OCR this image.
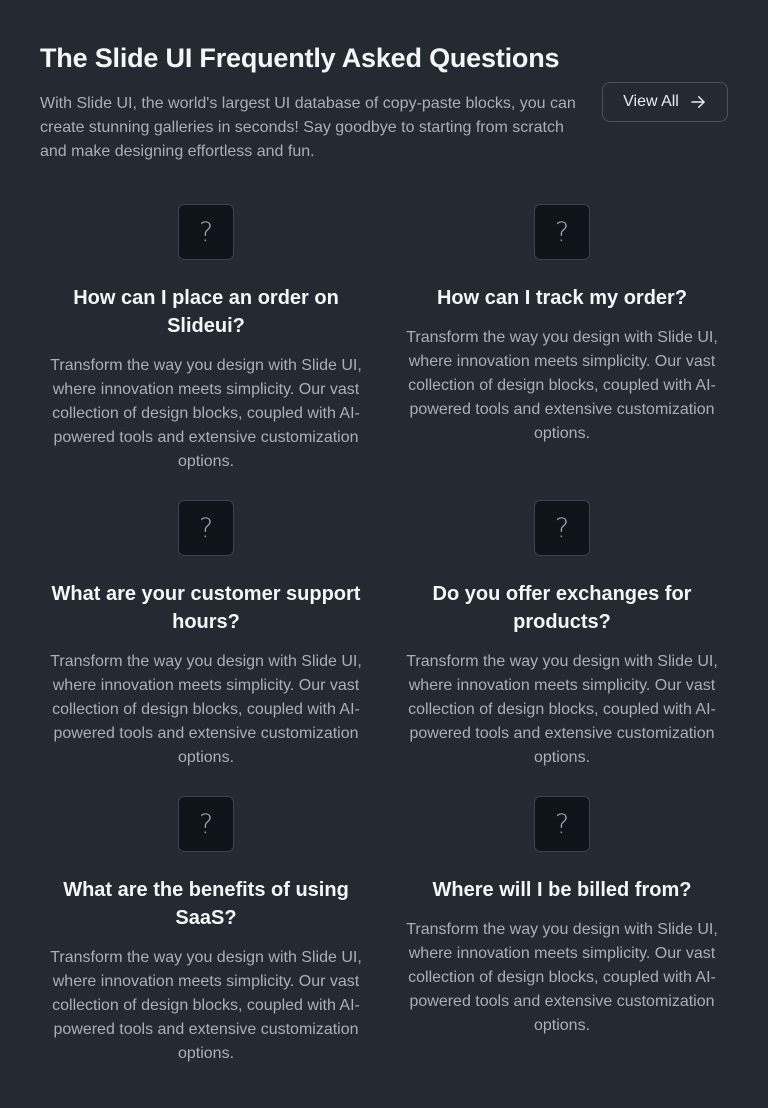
The Slide UI Frequently Asked Questions

With Slide UI, the world's largest UI database of copy-paste blocks, you can create stunning galleries in seconds! Say goodbye to starting from scratch and make designing effortless and fun.

View All
?
How can I place an order on Slideui?

Transform the way you design with Slide UI, where innovation meets simplicity. Our vast collection of design blocks, coupled with AI-powered tools and extensive customization options.

?
How can I track my order?

Transform the way you design with Slide UI, where innovation meets simplicity. Our vast collection of design blocks, coupled with AI-powered tools and extensive customization options.

?
What are your customer support hours?

Transform the way you design with Slide UI, where innovation meets simplicity. Our vast collection of design blocks, coupled with AI-powered tools and extensive customization options.

?
Do you offer exchanges for products?

Transform the way you design with Slide UI, where innovation meets simplicity. Our vast collection of design blocks, coupled with AI-powered tools and extensive customization options.

?
What are the benefits of using SaaS?

Transform the way you design with Slide UI, where innovation meets simplicity. Our vast collection of design blocks, coupled with AI-powered tools and extensive customization options.

?
Where will I be billed from?

Transform the way you design with Slide UI, where innovation meets simplicity. Our vast collection of design blocks, coupled with AI-powered tools and extensive customization options.
